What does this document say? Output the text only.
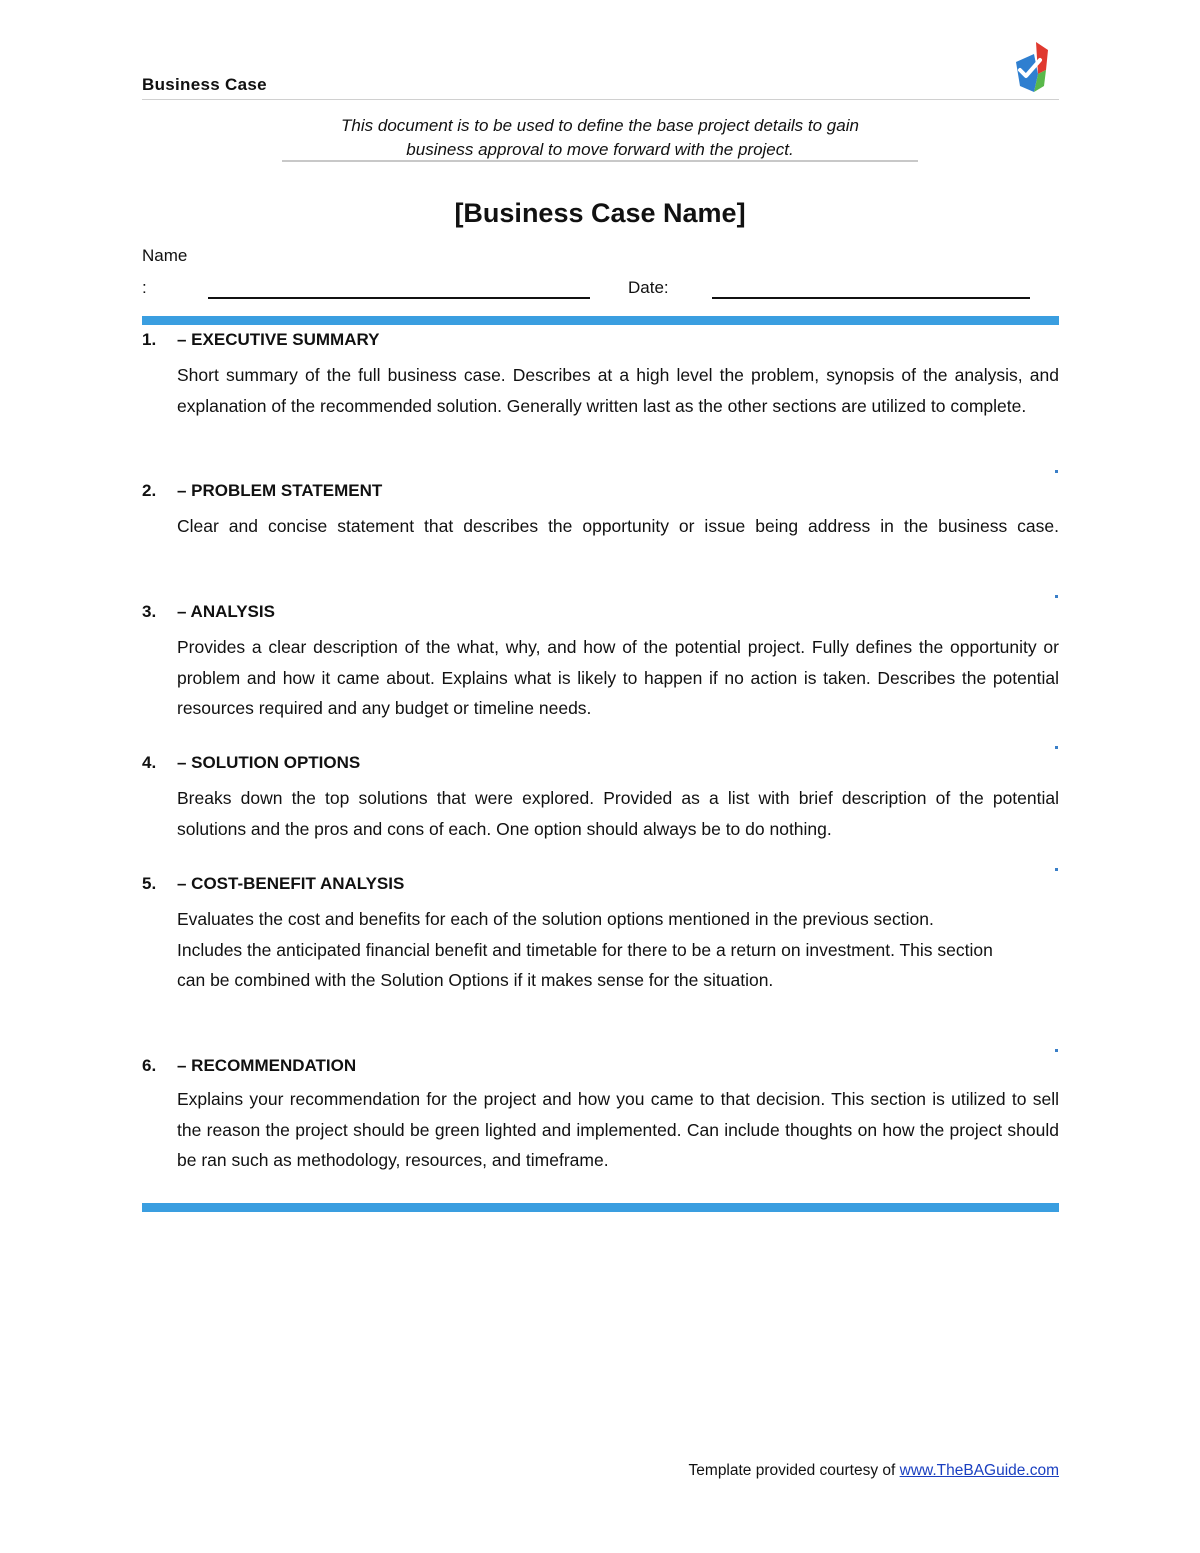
Business Case
This document is to be used to define the base project details to gain
business approval to move forward with the project.
[Business Case Name]
Name
:	Date:
1. – EXECUTIVE SUMMARY
Short summary of the full business case. Describes at a high level the problem, synopsis of the analysis, and explanation of the recommended solution. Generally written last as the other sections are utilized to complete.
2. – PROBLEM STATEMENT
Clear and concise statement that describes the opportunity or issue being address in the business case.
3. – ANALYSIS
Provides a clear description of the what, why, and how of the potential project. Fully defines the opportunity or problem and how it came about. Explains what is likely to happen if no action is taken. Describes the potential resources required and any budget or timeline needs.
4. – SOLUTION OPTIONS
Breaks down the top solutions that were explored. Provided as a list with brief description of the potential solutions and the pros and cons of each. One option should always be to do nothing.
5. – COST-BENEFIT ANALYSIS
Evaluates the cost and benefits for each of the solution options mentioned in the previous section. Includes the anticipated financial benefit and timetable for there to be a return on investment. This section can be combined with the Solution Options if it makes sense for the situation.
6. – RECOMMENDATION
Explains your recommendation for the project and how you came to that decision. This section is utilized to sell the reason the project should be green lighted and implemented. Can include thoughts on how the project should be ran such as methodology, resources, and timeframe.
Template provided courtesy of www.TheBAGuide.com
